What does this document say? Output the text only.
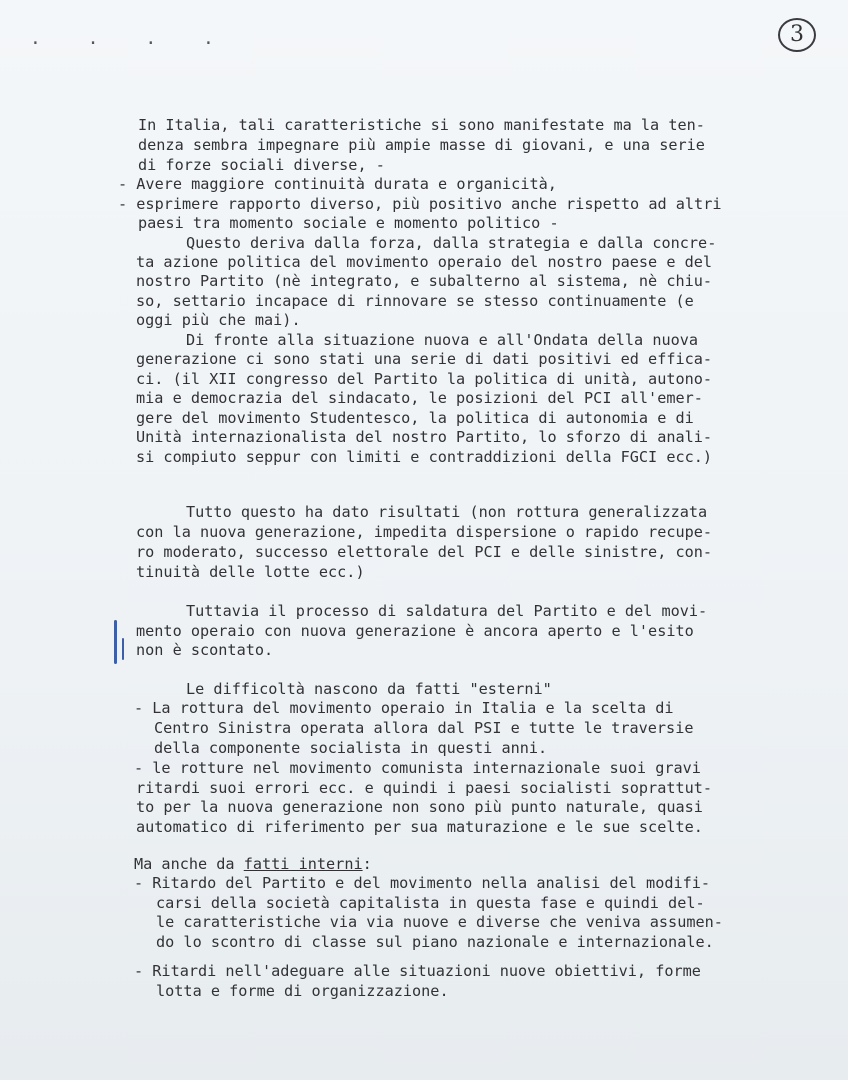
. . . .	3
In Italia, tali caratteristiche si sono manifestate ma la ten-
denza sembra impegnare più ampie masse di giovani, e una serie
di forze sociali diverse, -
- Avere maggiore continuità durata e organicità,
- esprimere rapporto diverso, più positivo anche rispetto ad altri
paesi tra momento sociale e momento politico -
Questo deriva dalla forza, dalla strategia e dalla concre-
ta azione politica del movimento operaio del nostro paese e del
nostro Partito (nè integrato, e subalterno al sistema, nè chiu-
so, settario incapace di rinnovare se stesso continuamente (e
oggi più che mai).
Di fronte alla situazione nuova e all'Ondata della nuova
generazione ci sono stati una serie di dati positivi ed effica-
ci. (il XII congresso del Partito la politica di unità, autono-
mia e democrazia del sindacato, le posizioni del PCI all'emer-
gere del movimento Studentesco, la politica di autonomia e di
Unità internazionalista del nostro Partito, lo sforzo di anali-
si compiuto seppur con limiti e contraddizioni della FGCI ecc.)
Tutto questo ha dato risultati (non rottura generalizzata
con la nuova generazione, impedita dispersione o rapido recupe-
ro moderato, successo elettorale del PCI e delle sinistre, con-
tinuità delle lotte ecc.)
Tuttavia il processo di saldatura del Partito e del movi-
mento operaio con nuova generazione è ancora aperto e l'esito
non è scontato.
Le difficoltà nascono da fatti "esterni"
- La rottura del movimento operaio in Italia e la scelta di
Centro Sinistra operata allora dal PSI e tutte le traversie
della componente socialista in questi anni.
- le rotture nel movimento comunista internazionale suoi gravi
ritardi suoi errori ecc. e quindi i paesi socialisti soprattut-
to per la nuova generazione non sono più punto naturale, quasi
automatico di riferimento per sua maturazione e le sue scelte.
Ma anche da fatti interni:
- Ritardo del Partito e del movimento nella analisi del modifi-
carsi della società capitalista in questa fase e quindi del-
le caratteristiche via via nuove e diverse che veniva assumen-
do lo scontro di classe sul piano nazionale e internazionale.
- Ritardi nell'adeguare alle situazioni nuove obiettivi, forme
lotta e forme di organizzazione.
